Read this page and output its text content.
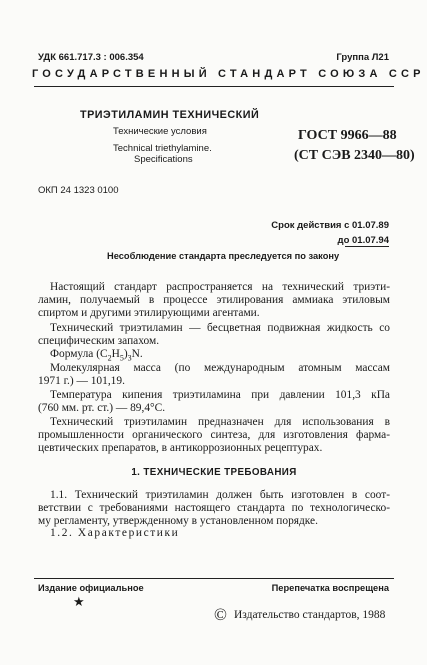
УДК 661.717.3 : 006.354	Группа Л21
ГОСУДАРСТВЕННЫЙ СТАНДАРТ СОЮЗА ССР
ТРИЭТИЛАМИН ТЕХНИЧЕСКИЙ
Технические условия
Technical triethylamine.
Specifications
ГОСТ 9966—88
(СТ СЭВ 2340—80)
ОКП 24 1323 0100
Срок действия с 01.07.89
до 01.07.94
Несоблюдение стандарта преследуется по закону
Настоящий стандарт распространяется на технический триэти-
ламин, получаемый в процессе этилирования аммиака этиловым
спиртом и другими этилирующими агентами.
Технический триэтиламин — бесцветная подвижная жидкость со
специфическим запахом.
Формула $(C_2H_5)_3N$.
Молекулярная масса (по международным атомным массам
1971 г.) — 101,19.
Температура кипения триэтиламина при давлении 101,3 кПа
(760 мм. рт. ст.) — 89,4°С.
Технический триэтиламин предназначен для использования в
промышленности органического синтеза, для изготовления фарма-
цевтических препаратов, в антикоррозионных рецептурах.
1. ТЕХНИЧЕСКИЕ ТРЕБОВАНИЯ
1.1. Технический триэтиламин должен быть изготовлен в соот-
ветствии с требованиями настоящего стандарта по технологическо-
му регламенту, утвержденному в установленном порядке.
1.2. Характеристики
Издание официальное	Перепечатка воспрещена
★
© Издательство стандартов, 1988
